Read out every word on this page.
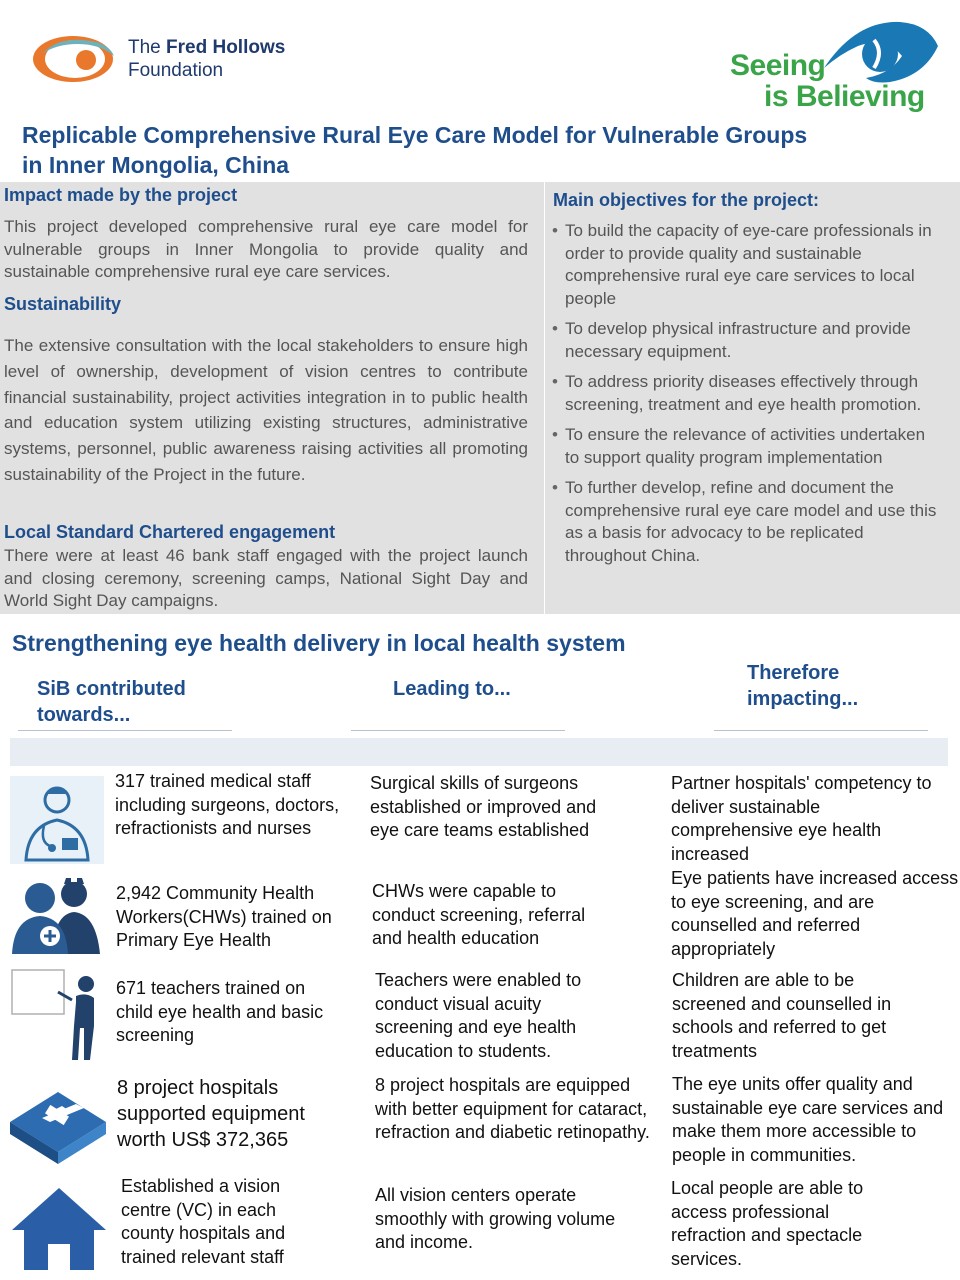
The Fred Hollows
Foundation	Seeing
is Believing
Replicable Comprehensive Rural Eye Care Model for Vulnerable Groups
in Inner Mongolia, China
Impact made by the project
This project developed comprehensive rural eye care model for vulnerable groups in Inner Mongolia to provide quality and sustainable comprehensive rural eye care services.
Sustainability
The extensive consultation with the local stakeholders to ensure high level of ownership, development of vision centres to contribute financial sustainability, project activities integration in to public health and education system utilizing existing structures, administrative systems, personnel, public awareness raising activities all promoting sustainability of the Project in the future.
Local Standard Chartered engagement
There were at least 46 bank staff engaged with the project launch and closing ceremony, screening camps, National Sight Day and World Sight Day campaigns.
Main objectives for the project:
• To build the capacity of eye-care professionals in order to provide quality and sustainable comprehensive rural eye care services to local people
• To develop physical infrastructure and provide necessary equipment.
• To address priority diseases effectively through screening, treatment and eye health promotion.
• To ensure the relevance of activities undertaken to support quality program implementation
• To further develop, refine and document the comprehensive rural eye care model and use this as a basis for advocacy to be replicated throughout China.
Strengthening eye health delivery in local health system
SiB contributed towards...
Leading to...
Therefore impacting...
317 trained medical staff including surgeons, doctors, refractionists and nurses
Surgical skills of surgeons established or improved and eye care teams established
Partner hospitals' competency to deliver sustainable comprehensive eye health increased
2,942 Community Health Workers(CHWs) trained on Primary Eye Health
CHWs were capable to conduct screening, referral and health education
Eye patients have increased access to eye screening, and are counselled and referred appropriately
671 teachers trained on child eye health and basic screening
Teachers were enabled to conduct visual acuity screening and eye health education to students.
Children are able to be screened and counselled in schools and referred to get treatments
8 project hospitals supported equipment worth US$ 372,365
8 project hospitals are equipped with better equipment for cataract, refraction and diabetic retinopathy.
The eye units offer quality and sustainable eye care services and make them more accessible to people in communities.
Established a vision centre (VC) in each county hospitals and trained relevant staff
All vision centers operate smoothly with growing volume and income.
Local people are able to access professional refraction and spectacle services.
